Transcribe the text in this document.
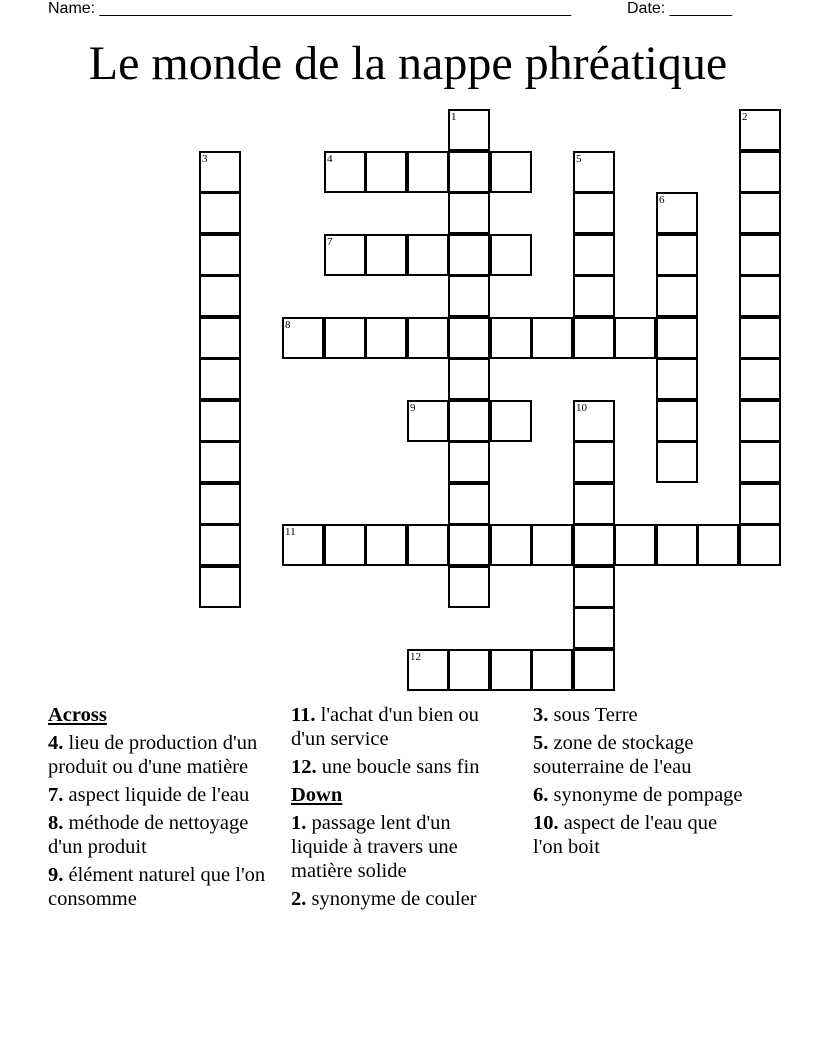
Name: _____________________________________________________	Date: _______
Le monde de la nappe phréatique
1	2
3	4	5
6
7
8
9	10
11
12
Across
4. lieu de production d'un produit ou d'une matière
7. aspect liquide de l'eau
8. méthode de nettoyage d'un produit
9. élément naturel que l'on consomme
11. l'achat d'un bien ou d'un service
12. une boucle sans fin
Down
1. passage lent d'un liquide à travers une matière solide
2. synonyme de couler
3. sous Terre
5. zone de stockage souterraine de l'eau
6. synonyme de pompage
10. aspect de l'eau que l'on boit
